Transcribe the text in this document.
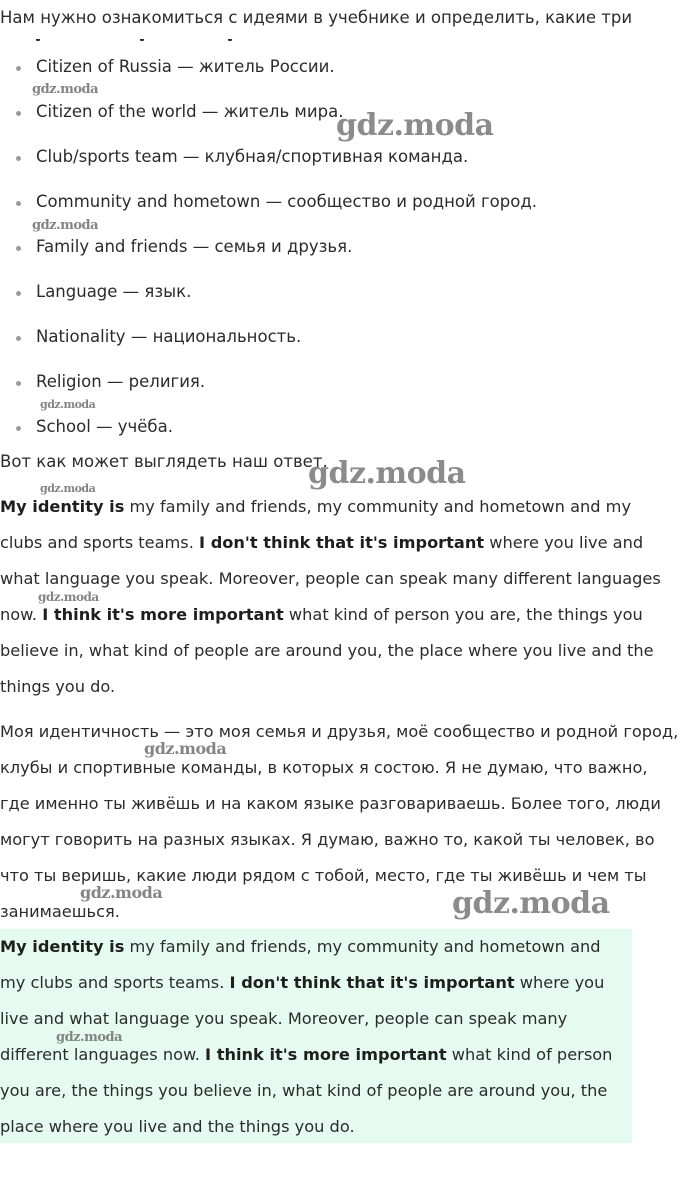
Нам нужно ознакомиться с идеями в учебнике и определить, какие три

Citizen of Russia — житель России.
Citizen of the world — житель мира.
Club/sports team — клубная/спортивная команда.
Community and hometown — сообщество и родной город.
Family and friends — семья и друзья.
Language — язык.
Nationality — национальность.
Religion — религия.
School — учёба.

Вот как может выглядеть наш ответ.

My identity is my family and friends, my community and hometown and my clubs and sports teams. I don't think that it's important where you live and what language you speak. Moreover, people can speak many different languages now. I think it's more important what kind of person you are, the things you believe in, what kind of people are around you, the place where you live and the things you do.

Моя идентичность — это моя семья и друзья, моё сообщество и родной город, клубы и спортивные команды, в которых я состою. Я не думаю, что важно, где именно ты живёшь и на каком языке разговариваешь. Более того, люди могут говорить на разных языках. Я думаю, важно то, какой ты человек, во что ты веришь, какие люди рядом с тобой, место, где ты живёшь и чем ты занимаешься.

My identity is my family and friends, my community and hometown and my clubs and sports teams. I don't think that it's important where you live and what language you speak. Moreover, people can speak many different languages now. I think it's more important what kind of person you are, the things you believe in, what kind of people are around you, the place where you live and the things you do.

gdz.moda
gdz.moda
gdz.moda
gdz.moda
gdz.moda
gdz.moda
gdz.moda
gdz.moda
gdz.moda	gdz.moda
gdz.moda
